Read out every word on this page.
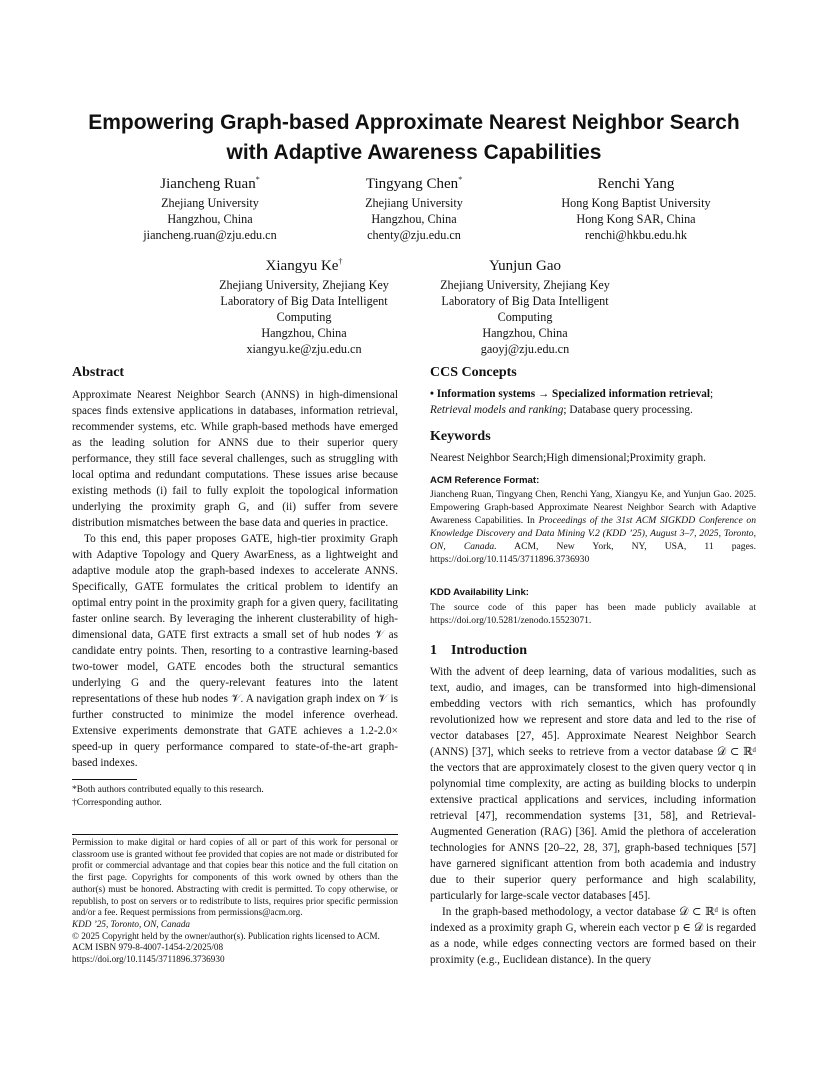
Empowering Graph-based Approximate Nearest Neighbor Search
with Adaptive Awareness Capabilities
Jiancheng Ruan*
Zhejiang University
Hangzhou, China
jiancheng.ruan@zju.edu.cn
Tingyang Chen*
Zhejiang University
Hangzhou, China
chenty@zju.edu.cn
Renchi Yang
Hong Kong Baptist University
Hong Kong SAR, China
renchi@hkbu.edu.hk
Xiangyu Ke†
Zhejiang University, Zhejiang Key
Laboratory of Big Data Intelligent
Computing
Hangzhou, China
xiangyu.ke@zju.edu.cn
Yunjun Gao
Zhejiang University, Zhejiang Key
Laboratory of Big Data Intelligent
Computing
Hangzhou, China
gaoyj@zju.edu.cn
Abstract

Approximate Nearest Neighbor Search (ANNS) in high-dimensional spaces finds extensive applications in databases, information retrieval, recommender systems, etc. While graph-based methods have emerged as the leading solution for ANNS due to their superior query performance, they still face several challenges, such as struggling with local optima and redundant computations. These issues arise because existing methods (i) fail to fully exploit the topological information underlying the proximity graph G, and (ii) suffer from severe distribution mismatches between the base data and queries in practice.

To this end, this paper proposes GATE, high-tier proximity Graph with Adaptive Topology and Query AwarEness, as a lightweight and adaptive module atop the graph-based indexes to accelerate ANNS. Specifically, GATE formulates the critical problem to identify an optimal entry point in the proximity graph for a given query, facilitating faster online search. By leveraging the inherent clusterability of high-dimensional data, GATE first extracts a small set of hub nodes 𝒱 as candidate entry points. Then, resorting to a contrastive learning-based two-tower model, GATE encodes both the structural semantics underlying G and the query-relevant features into the latent representations of these hub nodes 𝒱. A navigation graph index on 𝒱 is further constructed to minimize the model inference overhead. Extensive experiments demonstrate that GATE achieves a 1.2-2.0× speed-up in query performance compared to state-of-the-art graph-based indexes.

*Both authors contributed equally to this research.
†Corresponding author.
Permission to make digital or hard copies of all or part of this work for personal or classroom use is granted without fee provided that copies are not made or distributed for profit or commercial advantage and that copies bear this notice and the full citation on the first page. Copyrights for components of this work owned by others than the author(s) must be honored. Abstracting with credit is permitted. To copy otherwise, or republish, to post on servers or to redistribute to lists, requires prior specific permission and/or a fee. Request permissions from permissions@acm.org.
KDD ’25, Toronto, ON, Canada
© 2025 Copyright held by the owner/author(s). Publication rights licensed to ACM.
ACM ISBN 979-8-4007-1454-2/2025/08
https://doi.org/10.1145/3711896.3736930
CCS Concepts
• Information systems → Specialized information retrieval;
Retrieval models and ranking; Database query processing.
Keywords
Nearest Neighbor Search;High dimensional;Proximity graph.
ACM Reference Format:

Jiancheng Ruan, Tingyang Chen, Renchi Yang, Xiangyu Ke, and Yunjun Gao. 2025. Empowering Graph-based Approximate Nearest Neighbor Search with Adaptive Awareness Capabilities. In Proceedings of the 31st ACM SIGKDD Conference on Knowledge Discovery and Data Mining V.2 (KDD ’25), August 3–7, 2025, Toronto, ON, Canada. ACM, New York, NY, USA, 11 pages. https://doi.org/10.1145/3711896.3736930

KDD Availability Link:
The source code of this paper has been made publicly available at https://doi.org/10.5281/zenodo.15523071.
1 Introduction

With the advent of deep learning, data of various modalities, such as text, audio, and images, can be transformed into high-dimensional embedding vectors with rich semantics, which has profoundly revolutionized how we represent and store data and led to the rise of vector databases [27, 45]. Approximate Nearest Neighbor Search (ANNS) [37], which seeks to retrieve from a vector database 𝒟 ⊂ ℝᵈ the vectors that are approximately closest to the given query vector q in polynomial time complexity, are acting as building blocks to underpin extensive practical applications and services, including information retrieval [47], recommendation systems [31, 58], and Retrieval-Augmented Generation (RAG) [36]. Amid the plethora of acceleration technologies for ANNS [20–22, 28, 37], graph-based techniques [57] have garnered significant attention from both academia and industry due to their superior query performance and high scalability, particularly for large-scale vector databases [45].

In the graph-based methodology, a vector database 𝒟 ⊂ ℝᵈ is often indexed as a proximity graph G, wherein each vector p ∈ 𝒟 is regarded as a node, while edges connecting vectors are formed based on their proximity (e.g., Euclidean distance). In the query
